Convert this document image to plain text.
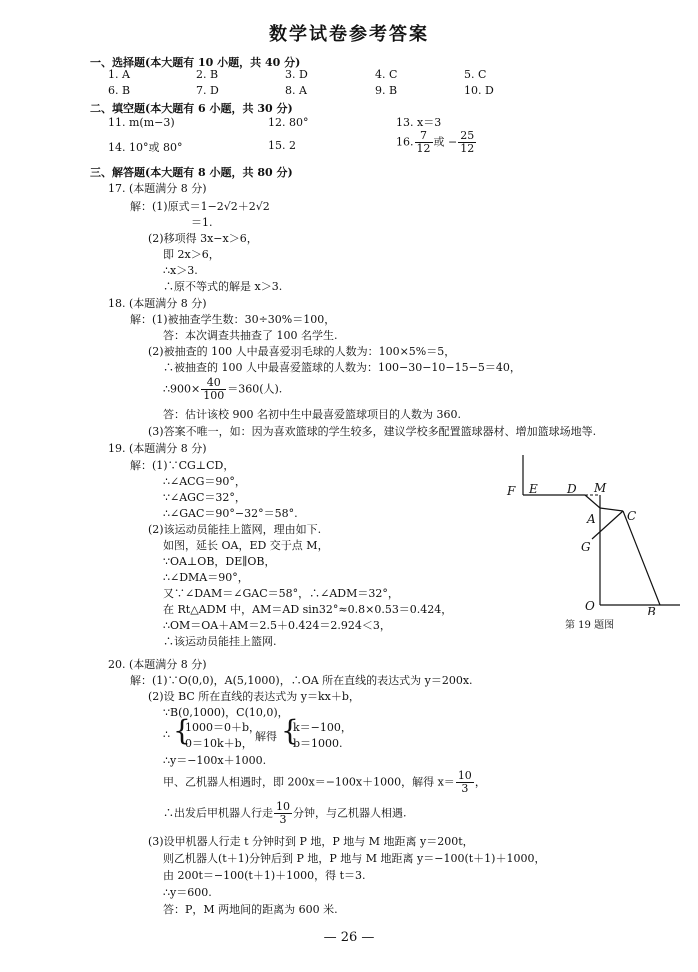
数学试卷参考答案
一、选择题(本大题有 10 小题，共 40 分)
1. A	2. B	3. D	4. C	5. C
6. B	7. D	8. A	9. B	10. D
二、填空题(本大题有 6 小题，共 30 分)
11. m(m−3)	12. 80°	13. x＝3
14. 10°或 80°	15. 2	16. $\frac{7}{12}$ 或 − $\frac{25}{12}$
三、解答题(本大题有 8 小题，共 80 分)
17. (本题满分 8 分)
解：(1)原式＝1−2√2＋2√2
＝1.
(2)移项得 3x−x＞6，
即 2x＞6，
∴x＞3.
∴原不等式的解是 x＞3.
18. (本题满分 8 分)
解：(1)被抽查学生数：30÷30%＝100，
答：本次调查共抽查了 100 名学生.
(2)被抽查的 100 人中最喜爱羽毛球的人数为：100×5%＝5，
∴被抽查的 100 人中最喜爱篮球的人数为：100−30−10−15−5＝40，
∴900× $\frac{40}{100} =360$(人).
答：估计该校 900 名初中生中最喜爱篮球项目的人数为 360.
(3)答案不唯一，如：因为喜欢篮球的学生较多，建议学校多配置篮球器材、增加篮球场地等.
19. (本题满分 8 分)
解：(1)∵CG⊥CD，
∴∠ACG＝90°，
∵∠AGC＝32°，
∴∠GAC＝90°−32°＝58°.
(2)该运动员能挂上篮网，理由如下.
如图，延长 OA，ED 交于点 M，
∵OA⊥OB，DE∥OB，
∴∠DMA＝90°，
又∵∠DAM＝∠GAC＝58°，∴∠ADM＝32°，
在 Rt△ADM 中，AM＝AD sin32°≈0.8×0.53＝0.424，
∴OM＝OA＋AM＝2.5＋0.424＝2.924＜3，
∴该运动员能挂上篮网.
F E D M
A	C
G
O	B
第 19 题图
20. (本题满分 8 分)
解：(1)∵O(0,0)，A(5,1000)，∴OA 所在直线的表达式为 y＝200x.
(2)设 BC 所在直线的表达式为 y＝kx＋b，
∵B(0,1000)，C(10,0)，
∴ {
1000＝0＋b，
0＝10k＋b，
解得 {
k＝−100，
b＝1000.
∴y＝−100x＋1000.
甲、乙机器人相遇时，即 200x＝−100x＋1000，解得 $x= \frac{10}{3}$ ，
∴出发后甲机器人行走 $\frac{10}{3}$ 分钟，与乙机器人相遇.
(3)设甲机器人行走 t 分钟时到 P 地，P 地与 M 地距离 y＝200t，
则乙机器人(t＋1)分钟后到 P 地，P 地与 M 地距离 y＝−100(t＋1)＋1000，
由 200t＝−100(t＋1)＋1000，得 t＝3.
∴y＝600.
答：P，M 两地间的距离为 600 米.
— 26 —
